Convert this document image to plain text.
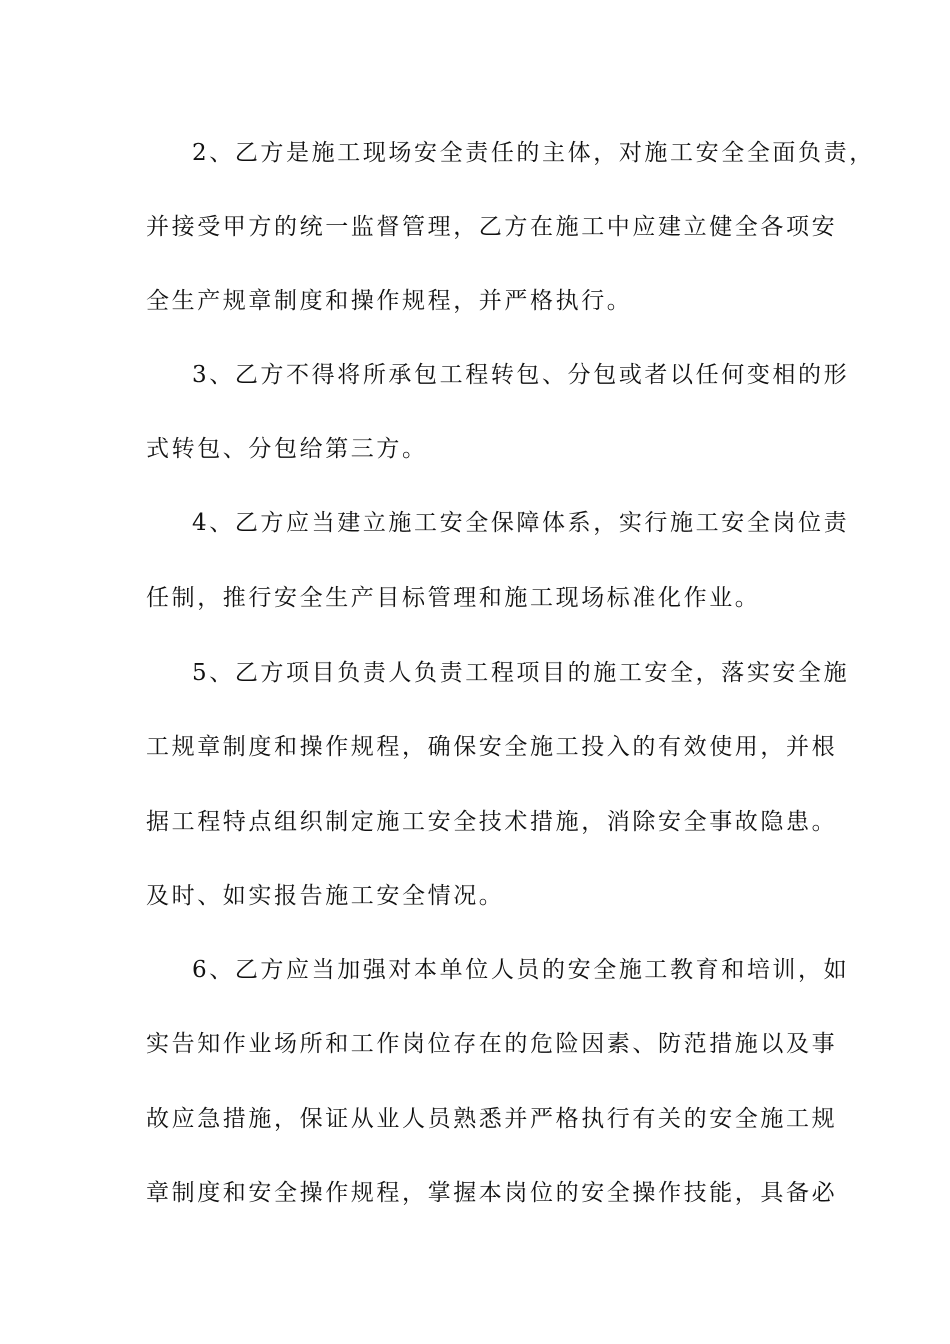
2、乙方是施工现场安全责任的主体，对施工安全全面负责，
并接受甲方的统一监督管理，乙方在施工中应建立健全各项安
全生产规章制度和操作规程，并严格执行。
3、乙方不得将所承包工程转包、分包或者以任何变相的形
式转包、分包给第三方。
4、乙方应当建立施工安全保障体系，实行施工安全岗位责
任制，推行安全生产目标管理和施工现场标准化作业。
5、乙方项目负责人负责工程项目的施工安全，落实安全施
工规章制度和操作规程，确保安全施工投入的有效使用，并根
据工程特点组织制定施工安全技术措施，消除安全事故隐患。
及时、如实报告施工安全情况。
6、乙方应当加强对本单位人员的安全施工教育和培训，如
实告知作业场所和工作岗位存在的危险因素、防范措施以及事
故应急措施，保证从业人员熟悉并严格执行有关的安全施工规
章制度和安全操作规程，掌握本岗位的安全操作技能，具备必
